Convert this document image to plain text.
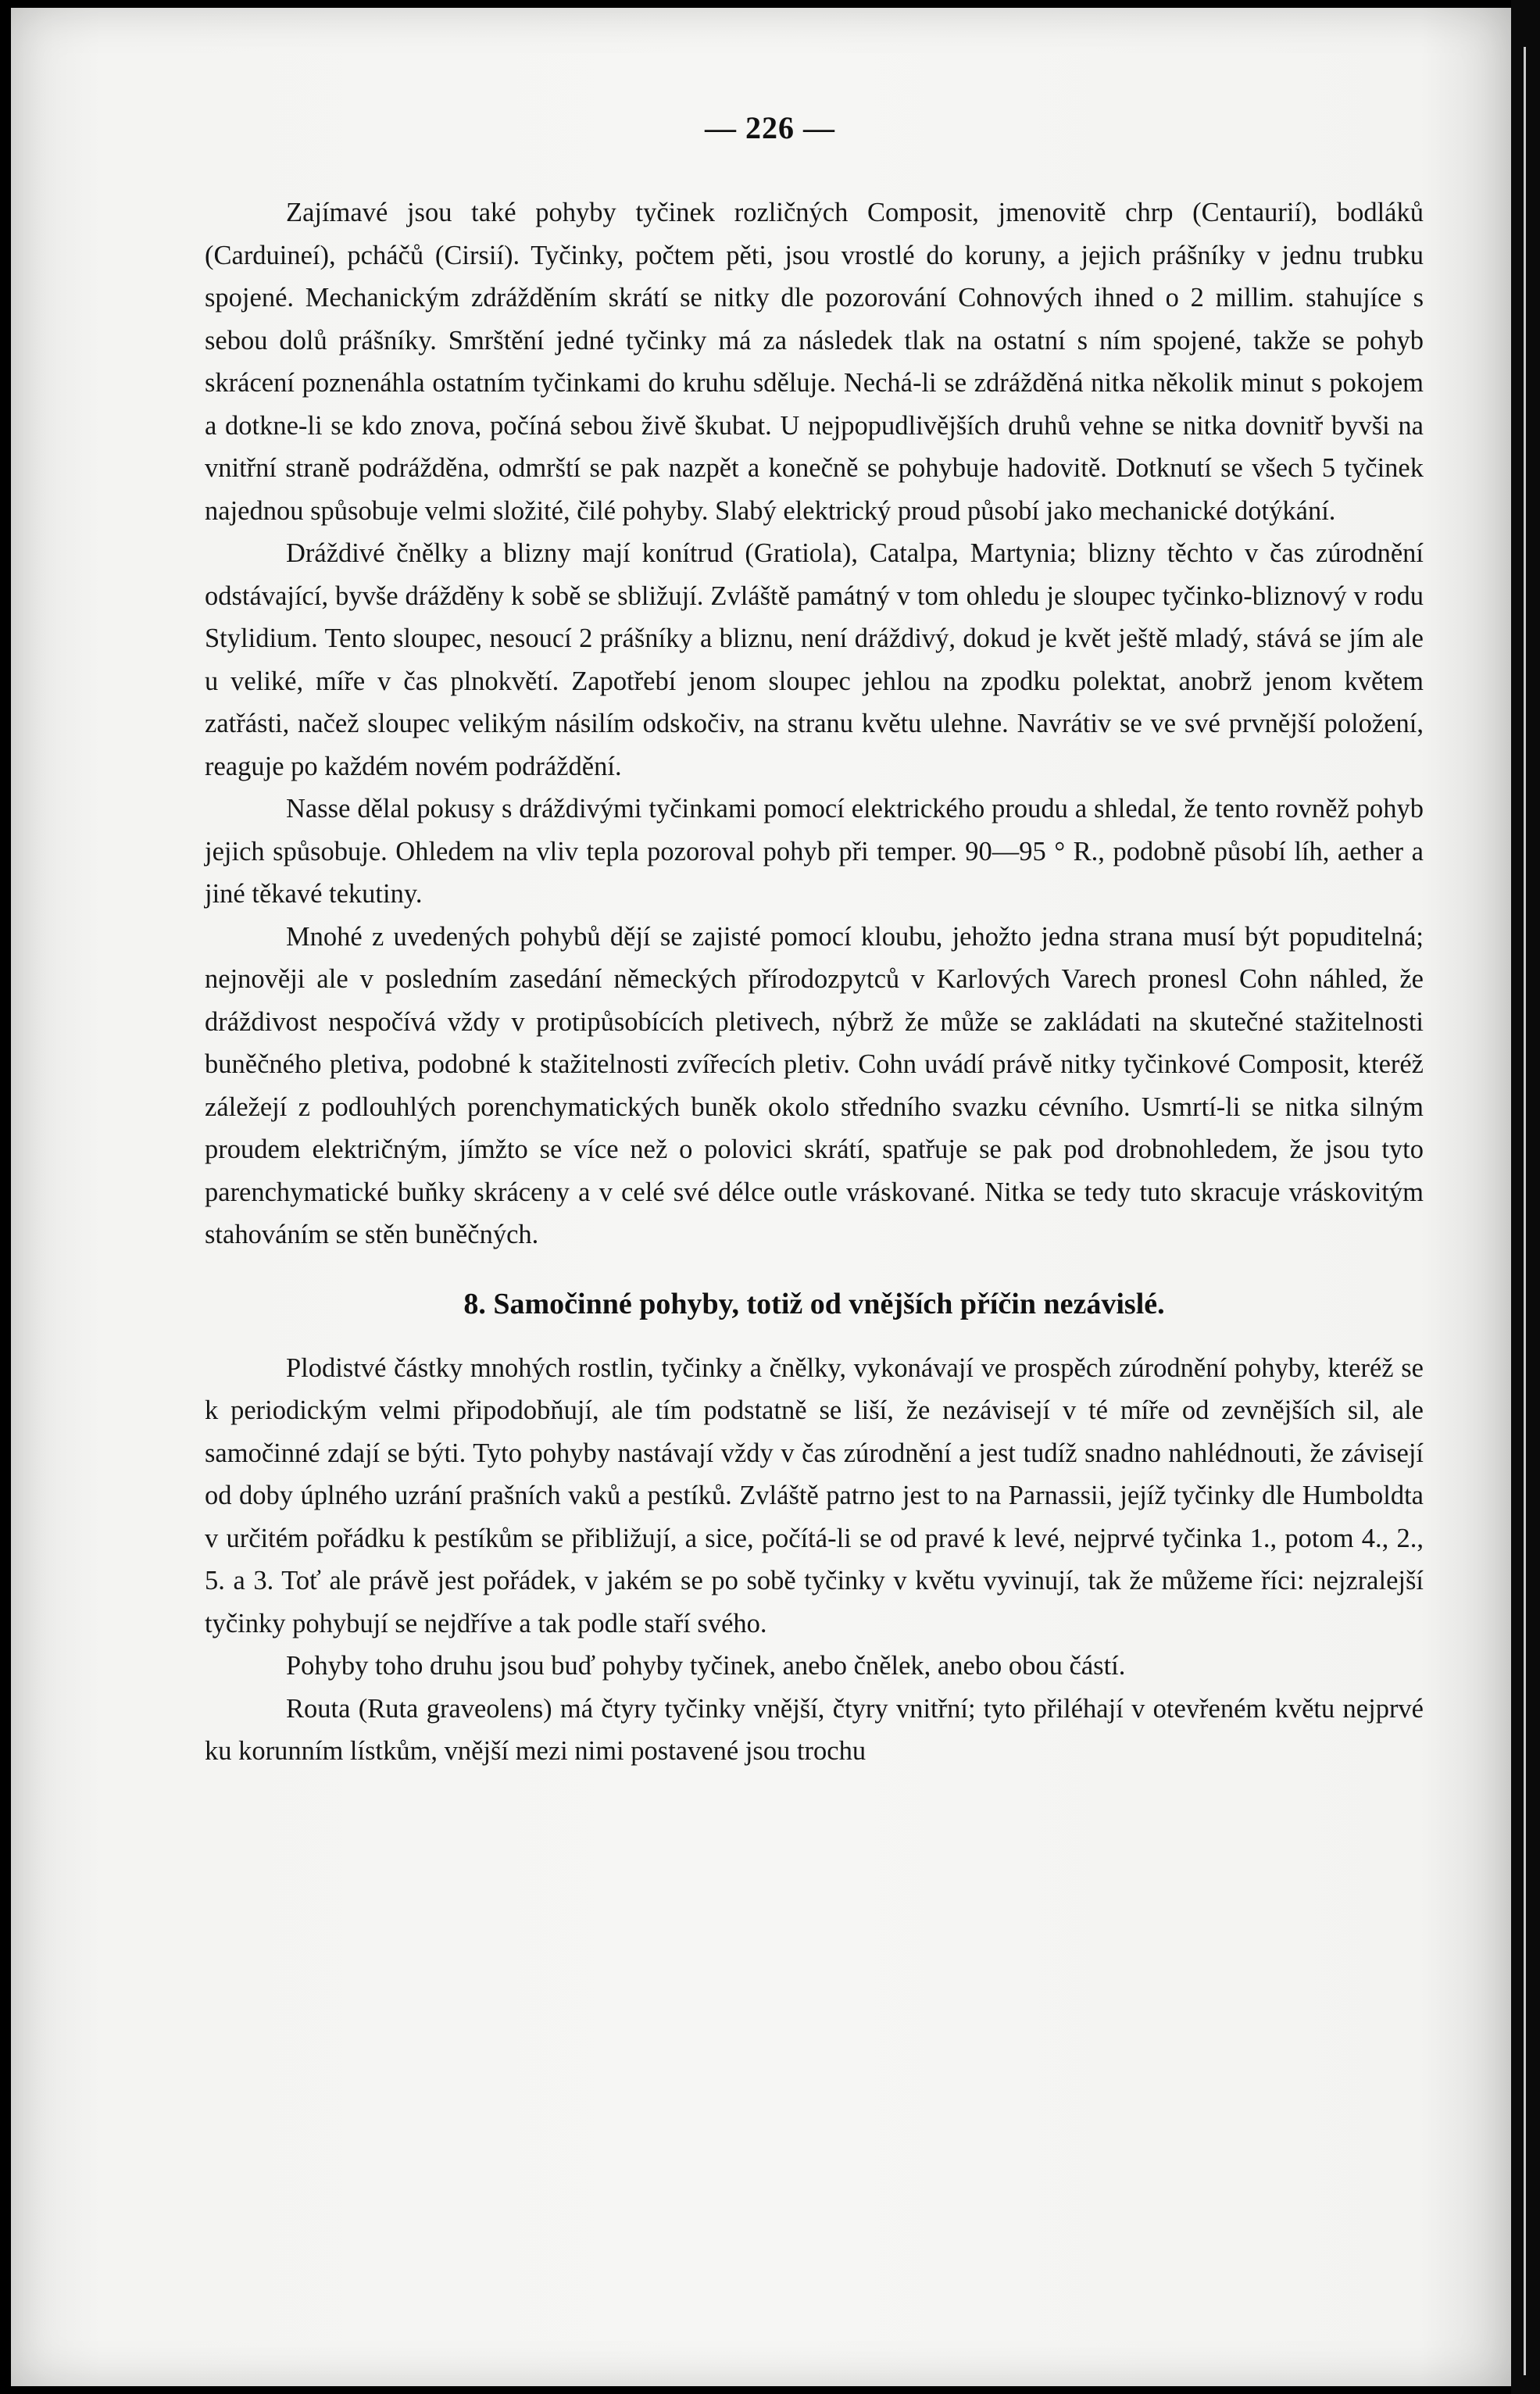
— 226 —

Zajímavé jsou také pohyby tyčinek rozličných Composit, jmenovitě chrp (Centaurií), bodláků (Carduineí), pcháčů (Cirsií). Tyčinky, počtem pěti, jsou vrostlé do koruny, a jejich prášníky v jednu trubku spojené. Mechanickým zdrážděním skrátí se nitky dle pozorování Cohnových ihned o 2 millim. stahujíce s sebou dolů prášníky. Smrštění jedné tyčinky má za následek tlak na ostatní s ním spojené, takže se pohyb skrácení poznenáhla ostatním tyčinkami do kruhu sděluje. Nechá-li se zdrážděná nitka několik minut s pokojem a dotkne-li se kdo znova, počíná sebou živě škubat. U nejpopudlivějších druhů vehne se nitka dovnitř byvši na vnitřní straně podrážděna, odmrští se pak nazpět a konečně se pohybuje hadovitě. Dotknutí se všech 5 tyčinek najednou spůsobuje velmi složité, čilé pohyby. Slabý elektrický proud působí jako mechanické dotýkání.

Dráždivé čnělky a blizny mají konítrud (Gratiola), Catalpa, Martynia; blizny těchto v čas zúrodnění odstávající, byvše drážděny k sobě se sbližují. Zvláště památný v tom ohledu je sloupec tyčinko-bliznový v rodu Stylidium. Tento sloupec, nesoucí 2 prášníky a bliznu, není dráždivý, dokud je květ ještě mladý, stává se jím ale u veliké, míře v čas plnokvětí. Zapotřebí jenom sloupec jehlou na zpodku polektat, anobrž jenom květem zatřásti, načež sloupec velikým násilím odskočiv, na stranu květu ulehne. Navrátiv se ve své prvnější položení, reaguje po každém novém podráždění.

Nasse dělal pokusy s dráždivými tyčinkami pomocí elektrického proudu a shledal, že tento rovněž pohyb jejich spůsobuje. Ohledem na vliv tepla pozoroval pohyb při temper. 90—95 ° R., podobně působí líh, aether a jiné těkavé tekutiny.

Mnohé z uvedených pohybů dějí se zajisté pomocí kloubu, jehožto jedna strana musí být popuditelná; nejnověji ale v posledním zasedání německých přírodozpytců v Karlových Varech pronesl Cohn náhled, že dráždivost nespočívá vždy v protipůsobících pletivech, nýbrž že může se zakládati na skutečné stažitelnosti buněčného pletiva, podobné k stažitelnosti zvířecích pletiv. Cohn uvádí právě nitky tyčinkové Composit, kteréž záležejí z podlouhlých porenchymatických buněk okolo středního svazku cévního. Usmrtí-li se nitka silným proudem električným, jímžto se více než o polovici skrátí, spatřuje se pak pod drobnohledem, že jsou tyto parenchymatické buňky skráceny a v celé své délce outle vráskované. Nitka se tedy tuto skracuje vráskovitým stahováním se stěn buněčných.

8. Samočinné pohyby, totiž od vnějších příčin nezávislé.

Plodistvé částky mnohých rostlin, tyčinky a čnělky, vykonávají ve prospěch zúrodnění pohyby, kteréž se k periodickým velmi připodobňují, ale tím podstatně se liší, že nezávisejí v té míře od zevnějších sil, ale samočinné zdají se býti. Tyto pohyby nastávají vždy v čas zúrodnění a jest tudíž snadno nahlédnouti, že závisejí od doby úplného uzrání prašních vaků a pestíků. Zvláště patrno jest to na Parnassii, jejíž tyčinky dle Humboldta v určitém pořádku k pestíkům se přibližují, a sice, počítá-li se od pravé k levé, nejprvé tyčinka 1., potom 4., 2., 5. a 3. Toť ale právě jest pořádek, v jakém se po sobě tyčinky v květu vyvinují, tak že můžeme říci: nejzralejší tyčinky pohybují se nejdříve a tak podle staří svého.

Pohyby toho druhu jsou buď pohyby tyčinek, anebo čnělek, anebo obou částí.

Routa (Ruta graveolens) má čtyry tyčinky vnější, čtyry vnitřní; tyto přiléhají v otevřeném květu nejprvé ku korunním lístkům, vnější mezi nimi postavené jsou trochu
